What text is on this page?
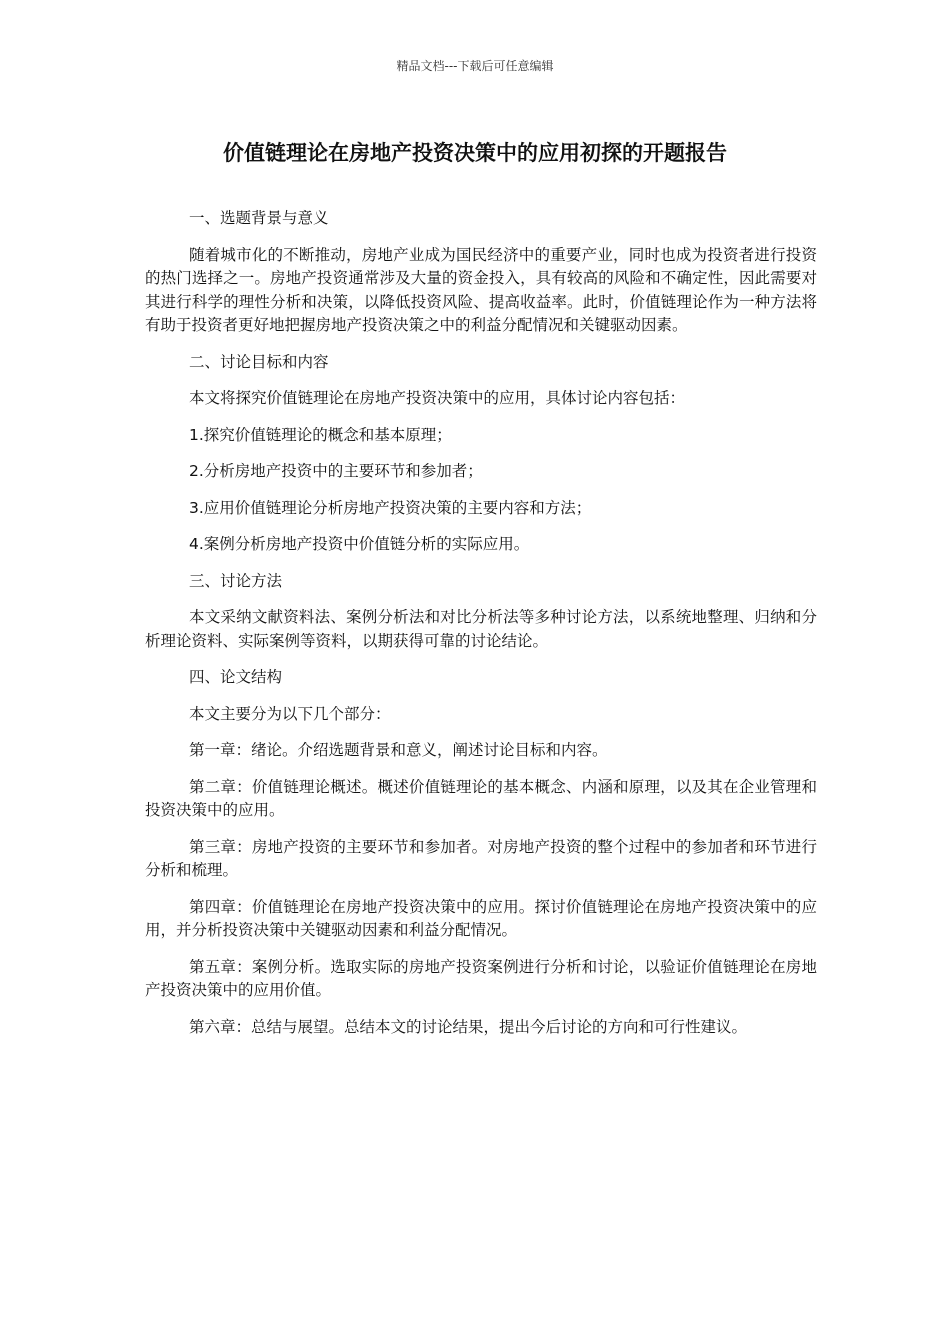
精品文档---下载后可任意编辑
价值链理论在房地产投资决策中的应用初探的开题报告

一、选题背景与意义

随着城市化的不断推动，房地产业成为国民经济中的重要产业，同时也成为投资者进行投资的热门选择之一。房地产投资通常涉及大量的资金投入，具有较高的风险和不确定性，因此需要对其进行科学的理性分析和决策，以降低投资风险、提高收益率。此时，价值链理论作为一种方法将有助于投资者更好地把握房地产投资决策之中的利益分配情况和关键驱动因素。

二、讨论目标和内容

本文将探究价值链理论在房地产投资决策中的应用，具体讨论内容包括：

1.探究价值链理论的概念和基本原理；

2.分析房地产投资中的主要环节和参加者；

3.应用价值链理论分析房地产投资决策的主要内容和方法；

4.案例分析房地产投资中价值链分析的实际应用。

三、讨论方法

本文采纳文献资料法、案例分析法和对比分析法等多种讨论方法，以系统地整理、归纳和分析理论资料、实际案例等资料，以期获得可靠的讨论结论。

四、论文结构

本文主要分为以下几个部分：

第一章：绪论。介绍选题背景和意义，阐述讨论目标和内容。

第二章：价值链理论概述。概述价值链理论的基本概念、内涵和原理，以及其在企业管理和投资决策中的应用。

第三章：房地产投资的主要环节和参加者。对房地产投资的整个过程中的参加者和环节进行分析和梳理。

第四章：价值链理论在房地产投资决策中的应用。探讨价值链理论在房地产投资决策中的应用，并分析投资决策中关键驱动因素和利益分配情况。

第五章：案例分析。选取实际的房地产投资案例进行分析和讨论，以验证价值链理论在房地产投资决策中的应用价值。

第六章：总结与展望。总结本文的讨论结果，提出今后讨论的方向和可行性建议。
